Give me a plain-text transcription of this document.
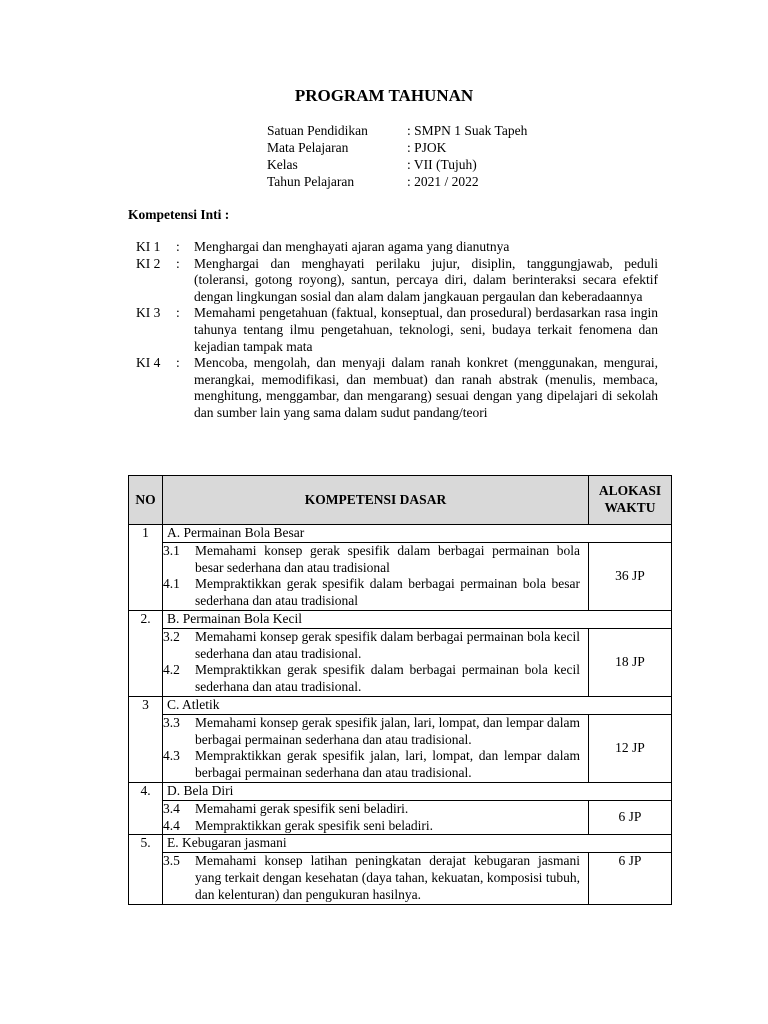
PROGRAM TAHUNAN
Satuan Pendidikan	: SMPN 1 Suak Tapeh
Mata Pelajaran	: PJOK
Kelas	: VII (Tujuh)
Tahun Pelajaran	: 2021 / 2022
Kompetensi Inti :
KI 1	:	Menghargai dan menghayati ajaran agama yang dianutnya
KI 2	:	Menghargai dan menghayati perilaku jujur, disiplin, tanggungjawab, peduli (toleransi, gotong royong), santun, percaya diri, dalam berinteraksi secara efektif dengan lingkungan sosial dan alam dalam jangkauan pergaulan dan keberadaannya
KI 3	:	Memahami pengetahuan (faktual, konseptual, dan prosedural) berdasarkan rasa ingin tahunya tentang ilmu pengetahuan, teknologi, seni, budaya terkait fenomena dan kejadian tampak mata
KI 4	:	Mencoba, mengolah, dan menyaji dalam ranah konkret (menggunakan, mengurai, merangkai, memodifikasi, dan membuat) dan ranah abstrak (menulis, membaca, menghitung, menggambar, dan mengarang) sesuai dengan yang dipelajari di sekolah dan sumber lain yang sama dalam sudut pandang/teori
NO	KOMPETENSI DASAR	ALOKASI WAKTU
1	A. Permainan Bola Besar	

	3.1 Memahami konsep gerak spesifik dalam berbagai permainan bola besar sederhana dan atau tradisional
4.1 Mempraktikkan gerak spesifik dalam berbagai permainan bola besar sederhana dan atau tradisional	36 JP
2.	B. Permainan Bola Kecil	

	3.2 Memahami konsep gerak spesifik dalam berbagai permainan bola kecil sederhana dan atau tradisional.
4.2 Mempraktikkan gerak spesifik dalam berbagai permainan bola kecil sederhana dan atau tradisional.	18 JP
3	C. Atletik	

	3.3 Memahami konsep gerak spesifik jalan, lari, lompat, dan lempar dalam berbagai permainan sederhana dan atau tradisional.
4.3 Mempraktikkan gerak spesifik jalan, lari, lompat, dan lempar dalam berbagai permainan sederhana dan atau tradisional.	12 JP
4.	D. Bela Diri	

	3.4 Memahami gerak spesifik seni beladiri.
4.4 Mempraktikkan gerak spesifik seni beladiri.	6 JP
5.	E. Kebugaran jasmani	

	3.5 Memahami konsep latihan peningkatan derajat kebugaran jasmani yang terkait dengan kesehatan (daya tahan, kekuatan, komposisi tubuh, dan kelenturan) dan pengukuran hasilnya.	6 JP
